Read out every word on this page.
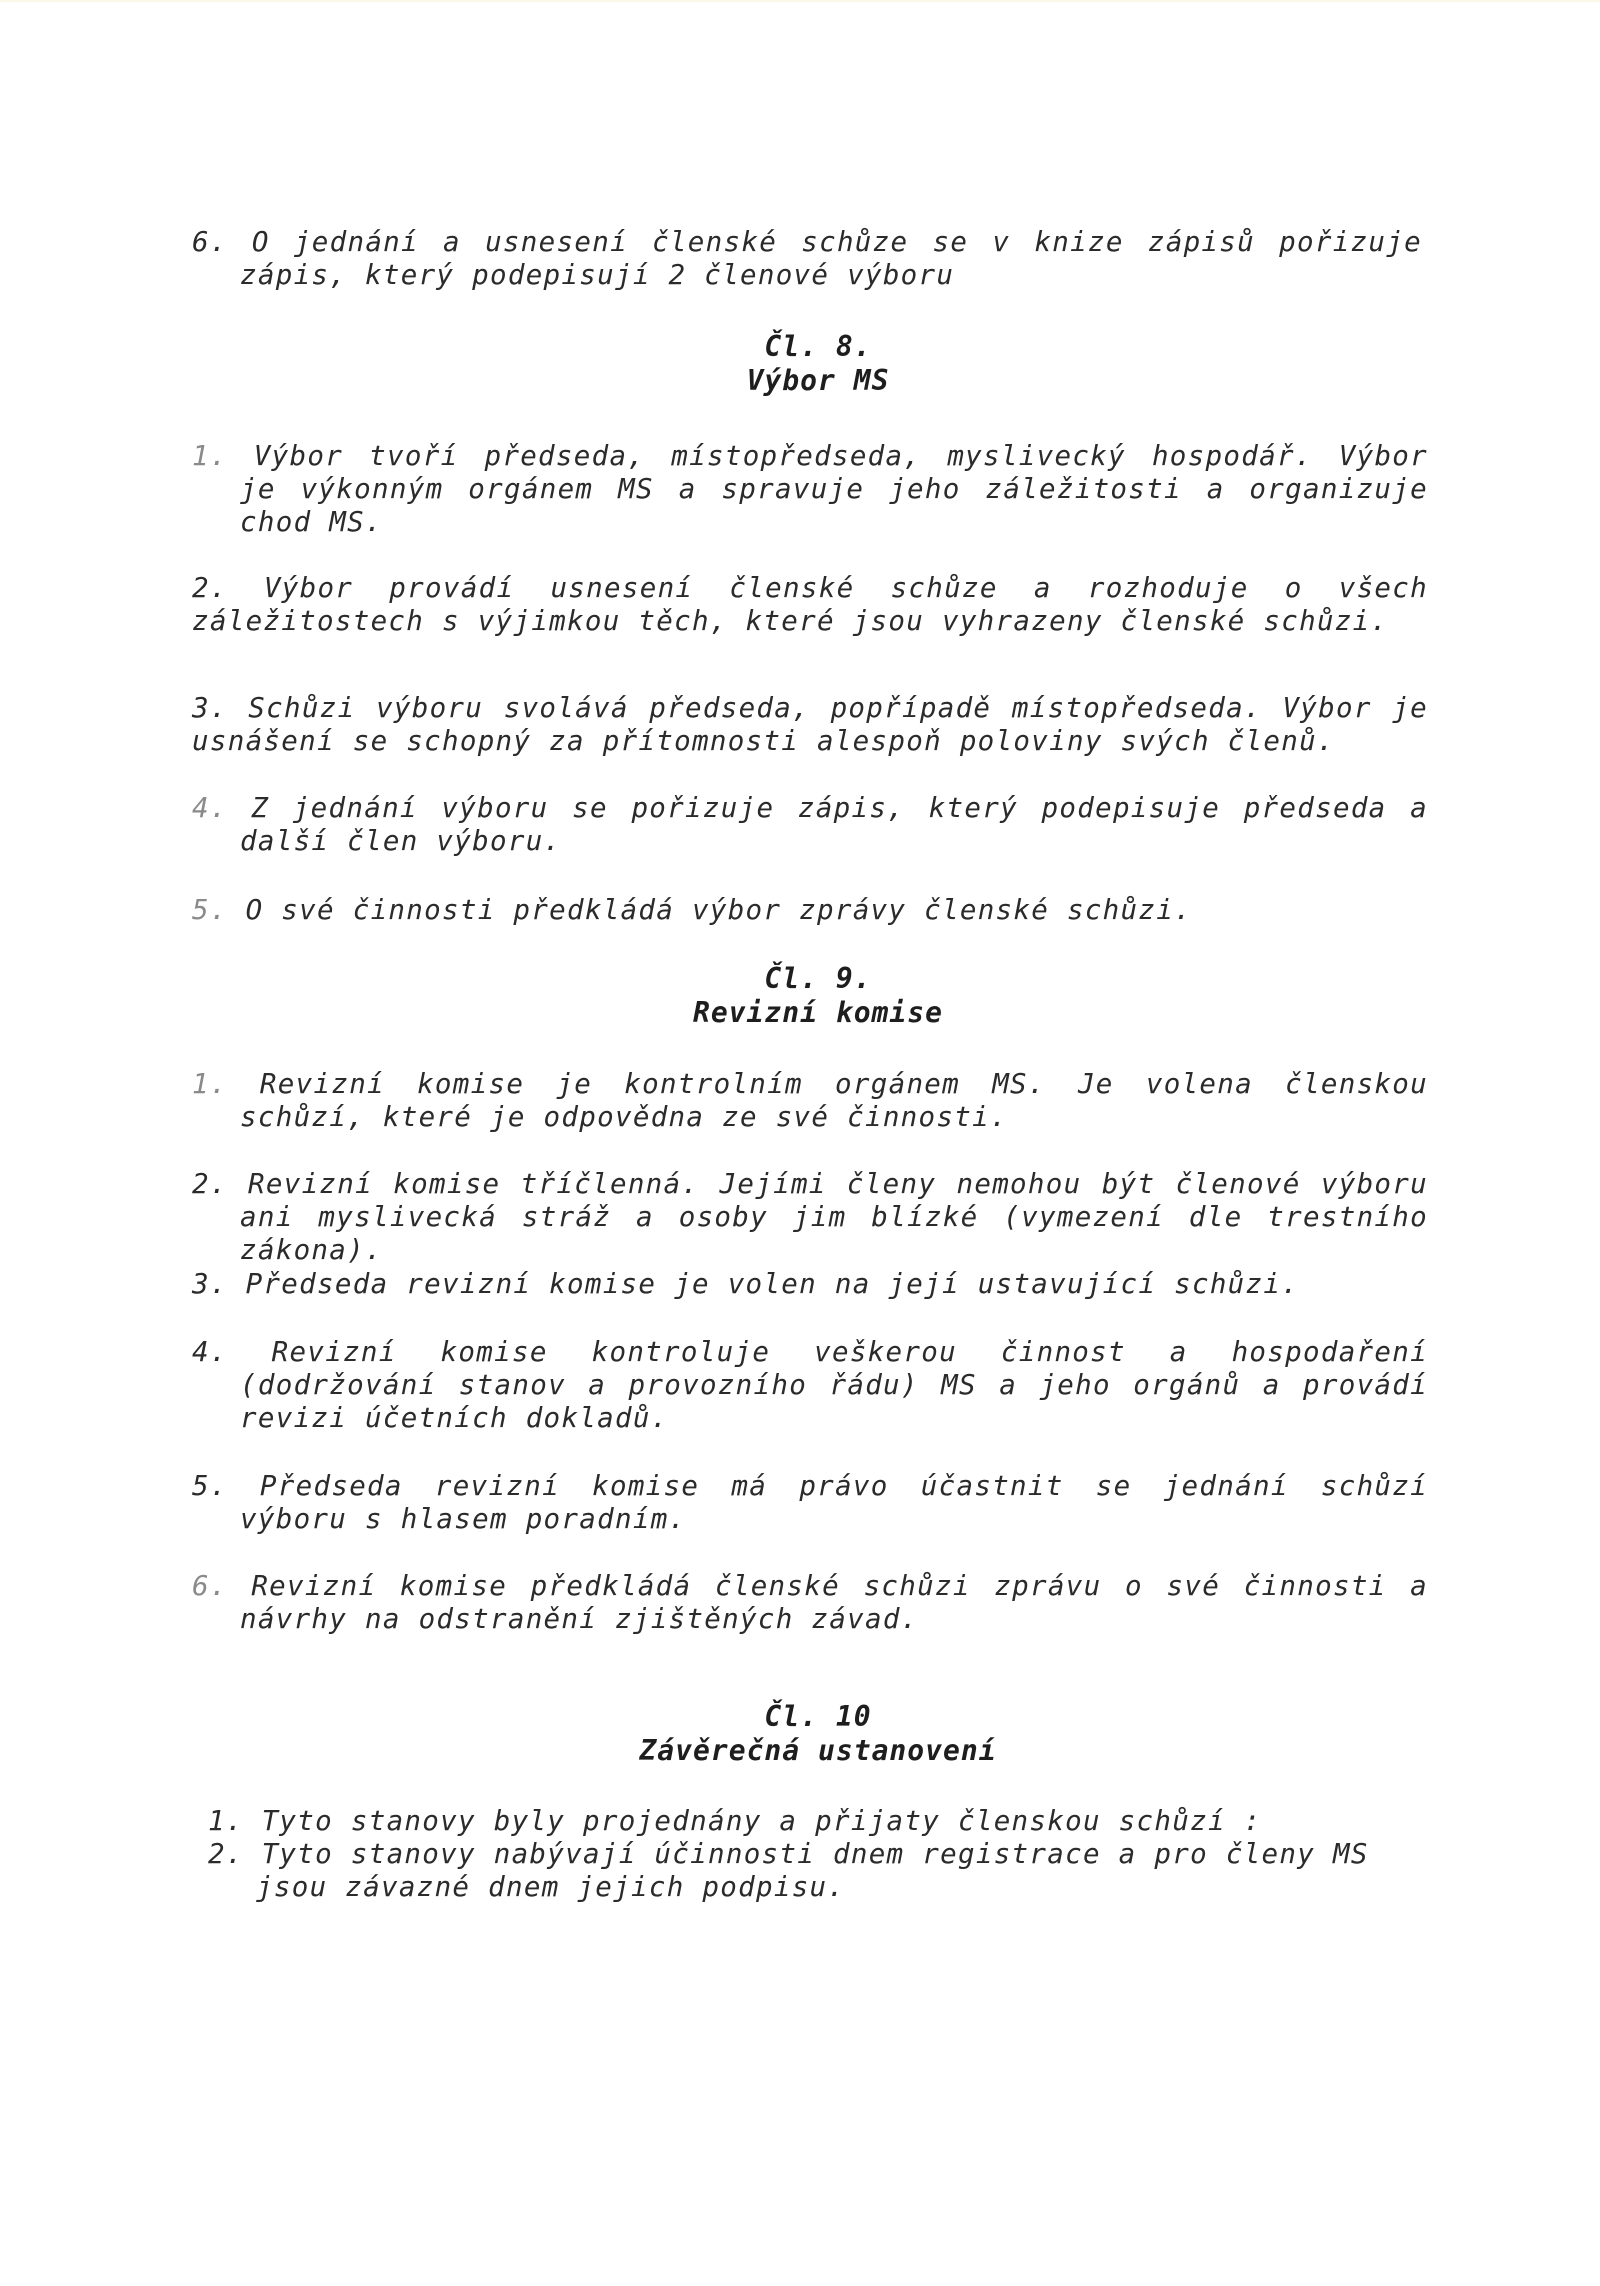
6. O jednání a usnesení členské schůze se v knize zápisů pořizuje
zápis, který podepisují 2 členové výboru
Čl. 8.
Výbor MS
1. Výbor tvoří předseda, místopředseda, myslivecký hospodář. Výbor
je výkonným orgánem MS a spravuje jeho záležitosti a organizuje
chod MS.
2. Výbor provádí usnesení členské schůze a rozhoduje o všech
záležitostech s výjimkou těch, které jsou vyhrazeny členské schůzi.
3. Schůzi výboru svolává předseda, popřípadě místopředseda. Výbor je
usnášení se schopný za přítomnosti alespoň poloviny svých členů.
4. Z jednání výboru se pořizuje zápis, který podepisuje předseda a
další člen výboru.
5. O své činnosti předkládá výbor zprávy členské schůzi.
Čl. 9.
Revizní komise
1. Revizní komise je kontrolním orgánem MS. Je volena členskou
schůzí, které je odpovědna ze své činnosti.
2. Revizní komise tříčlenná. Jejími členy nemohou být členové výboru
ani myslivecká stráž a osoby jim blízké (vymezení dle trestního
zákona).
3. Předseda revizní komise je volen na její ustavující schůzi.
4. Revizní komise kontroluje veškerou činnost a hospodaření
(dodržování stanov a provozního řádu) MS a jeho orgánů a provádí
revizi účetních dokladů.
5. Předseda revizní komise má právo účastnit se jednání schůzí
výboru s hlasem poradním.
6. Revizní komise předkládá členské schůzi zprávu o své činnosti a
návrhy na odstranění zjištěných závad.
Čl. 10
Závěrečná ustanovení
1. Tyto stanovy byly projednány a přijaty členskou schůzí :
2. Tyto stanovy nabývají účinnosti dnem registrace a pro členy MS
jsou závazné dnem jejich podpisu.
